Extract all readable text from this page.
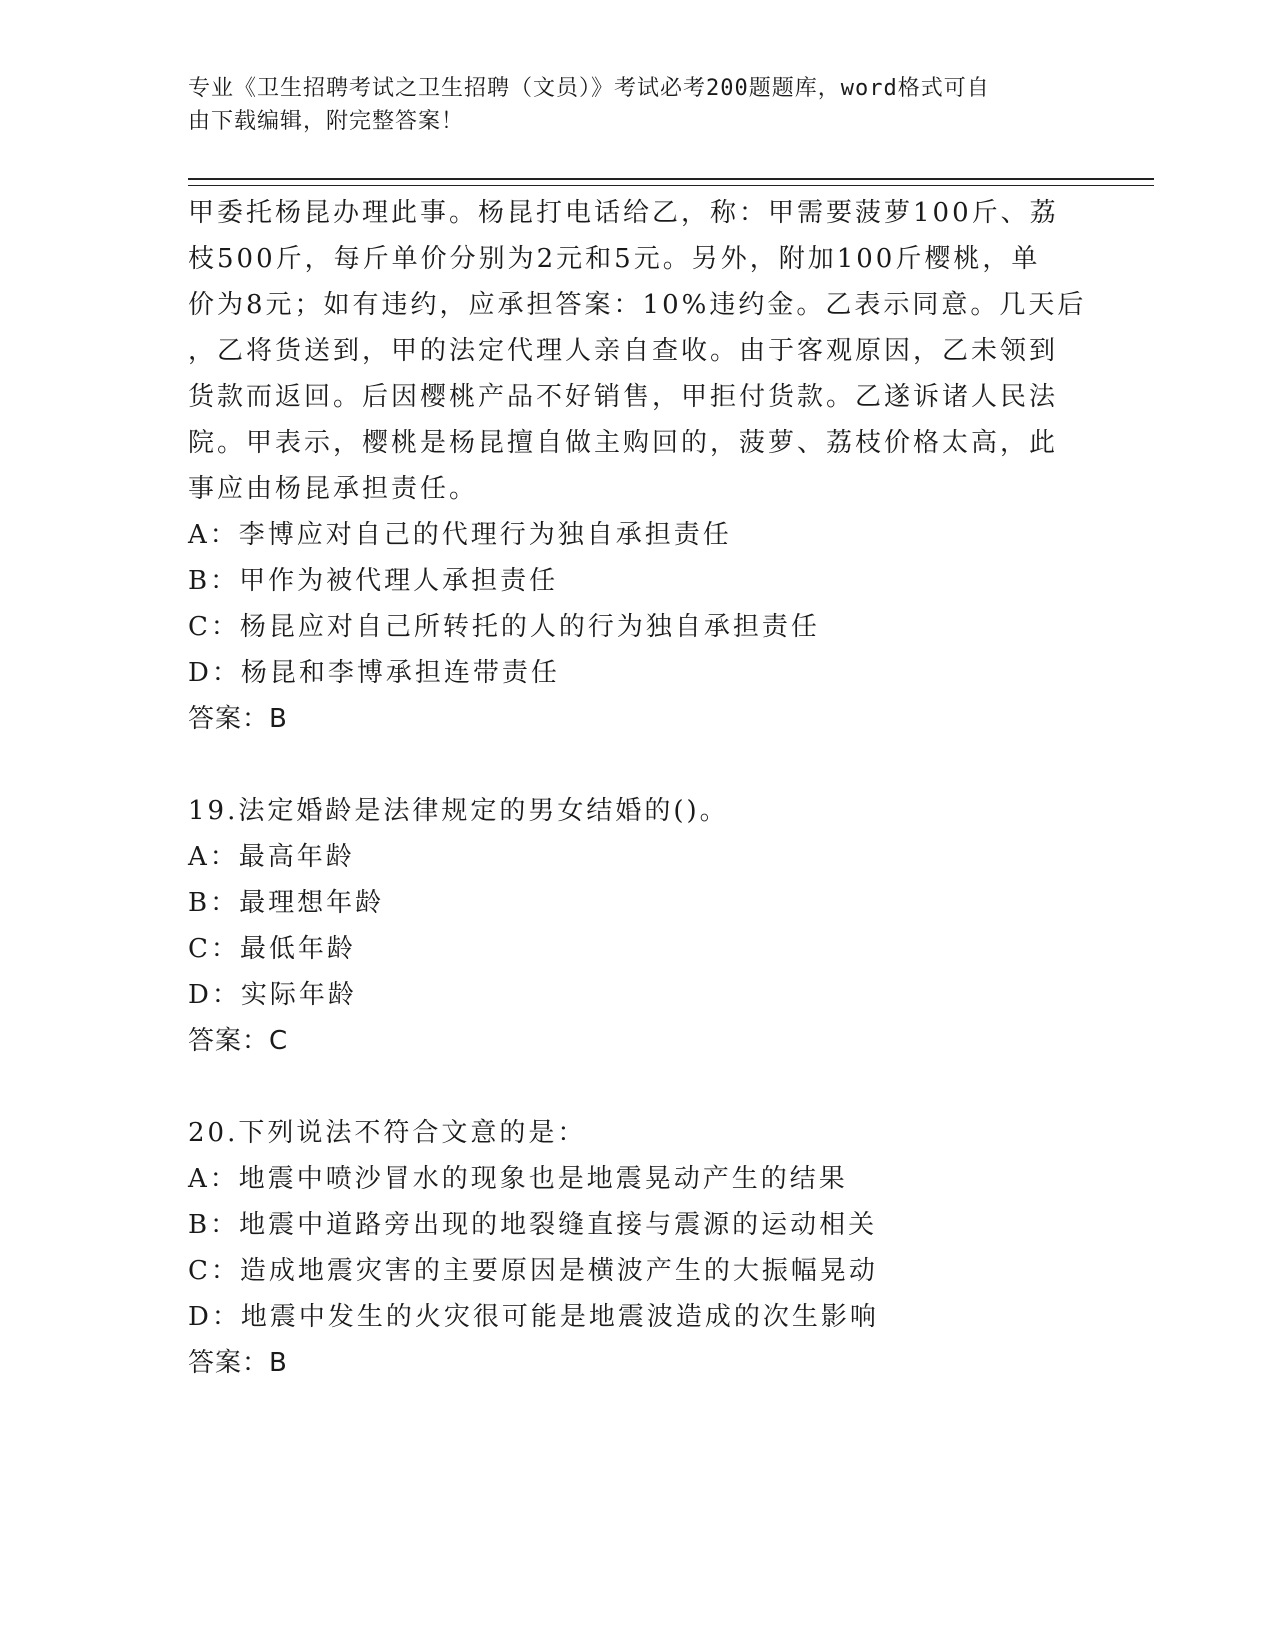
专业《卫生招聘考试之卫生招聘（文员）》考试必考200题题库，word格式可自
由下载编辑，附完整答案！
甲委托杨昆办理此事。杨昆打电话给乙，称：甲需要菠萝100斤、荔
枝500斤，每斤单价分别为2元和5元。另外，附加100斤樱桃，单
价为8元；如有违约，应承担答案：10%违约金。乙表示同意。几天后
，乙将货送到，甲的法定代理人亲自查收。由于客观原因，乙未领到
货款而返回。后因樱桃产品不好销售，甲拒付货款。乙遂诉诸人民法
院。甲表示，樱桃是杨昆擅自做主购回的，菠萝、荔枝价格太高，此
事应由杨昆承担责任。
A：李博应对自己的代理行为独自承担责任
B：甲作为被代理人承担责任
C：杨昆应对自己所转托的人的行为独自承担责任
D：杨昆和李博承担连带责任
答案：B
19.法定婚龄是法律规定的男女结婚的()。
A：最高年龄
B：最理想年龄
C：最低年龄
D：实际年龄
答案：C
20.下列说法不符合文意的是：
A：地震中喷沙冒水的现象也是地震晃动产生的结果
B：地震中道路旁出现的地裂缝直接与震源的运动相关
C：造成地震灾害的主要原因是横波产生的大振幅晃动
D：地震中发生的火灾很可能是地震波造成的次生影响
答案：B
